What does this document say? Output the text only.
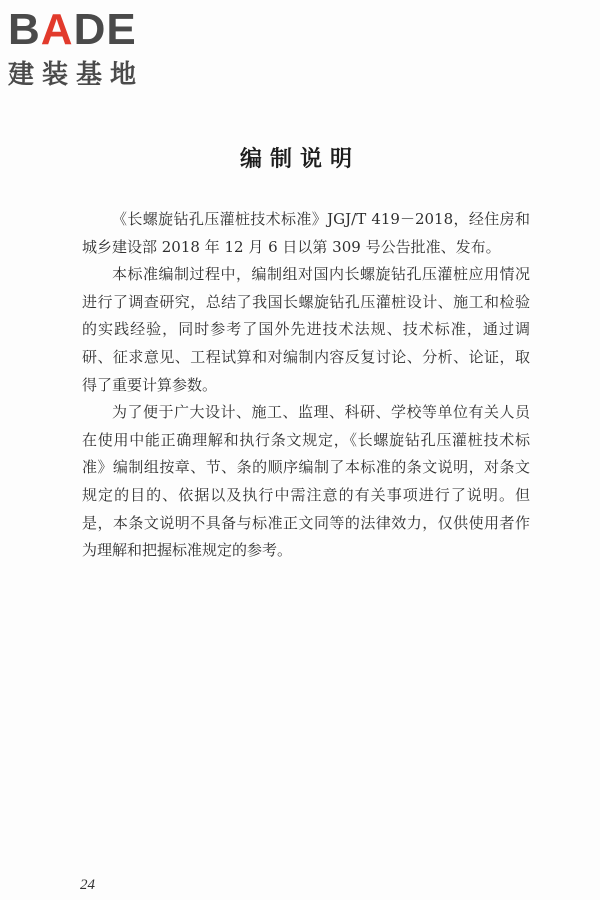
BADE
建装基地
编制说明

《长螺旋钻孔压灌桩技术标准》JGJ/T 419－2018，经住房和城乡建设部 2018 年 12 月 6 日以第 309 号公告批准、发布。

本标准编制过程中，编制组对国内长螺旋钻孔压灌桩应用情况进行了调查研究，总结了我国长螺旋钻孔压灌桩设计、施工和检验的实践经验，同时参考了国外先进技术法规、技术标准，通过调研、征求意见、工程试算和对编制内容反复讨论、分析、论证，取得了重要计算参数。

为了便于广大设计、施工、监理、科研、学校等单位有关人员在使用中能正确理解和执行条文规定，《长螺旋钻孔压灌桩技术标准》编制组按章、节、条的顺序编制了本标准的条文说明，对条文规定的目的、依据以及执行中需注意的有关事项进行了说明。但是，本条文说明不具备与标准正文同等的法律效力，仅供使用者作为理解和把握标准规定的参考。

24
